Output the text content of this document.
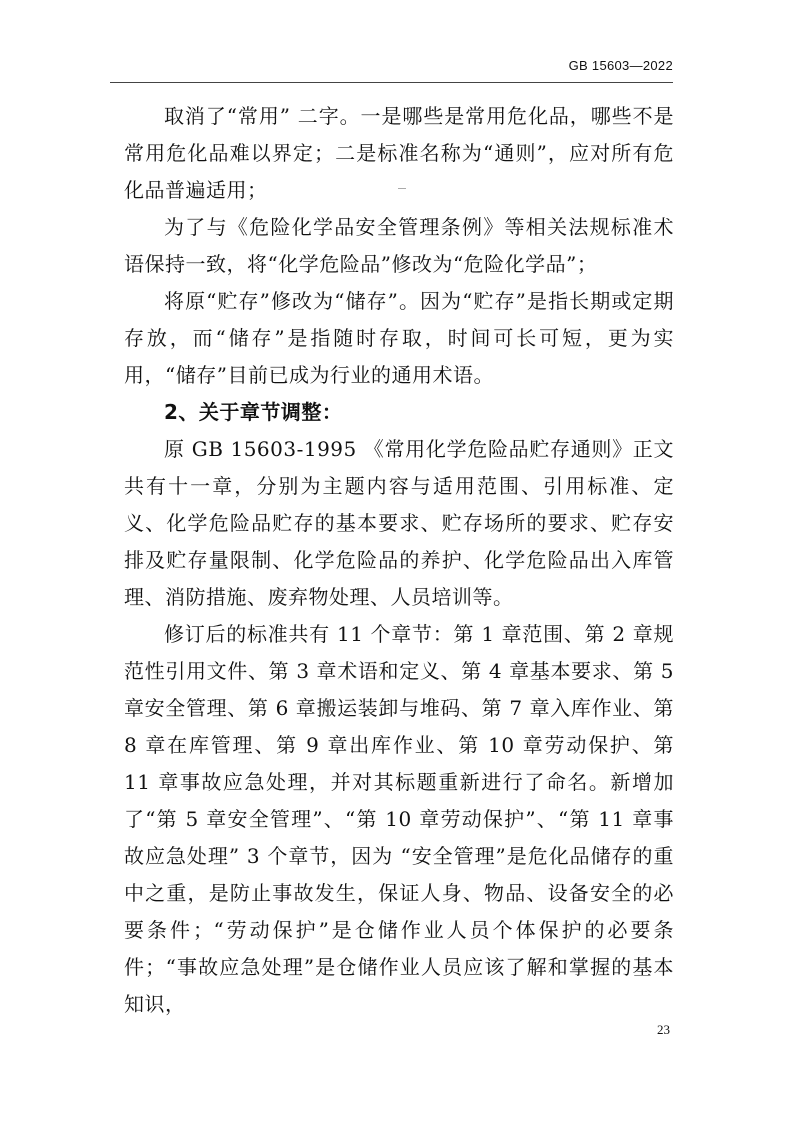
GB 15603—2022

取消了“常用” 二字。一是哪些是常用危化品，哪些不是常用危化品难以界定；二是标准名称为“通则”，应对所有危化品普遍适用；

为了与《危险化学品安全管理条例》等相关法规标准术语保持一致，将“化学危险品”修改为“危险化学品”；

将原“贮存”修改为“储存”。因为“贮存”是指长期或定期存放，而“储存”是指随时存取，时间可长可短，更为实用，“储存”目前已成为行业的通用术语。

2、关于章节调整：

原 GB 15603-1995 《常用化学危险品贮存通则》正文共有十一章，分别为主题内容与适用范围、引用标准、定义、化学危险品贮存的基本要求、贮存场所的要求、贮存安排及贮存量限制、化学危险品的养护、化学危险品出入库管理、消防措施、废弃物处理、人员培训等。

修订后的标准共有 11 个章节：第 1 章范围、第 2 章规范性引用文件、第 3 章术语和定义、第 4 章基本要求、第 5 章安全管理、第 6 章搬运装卸与堆码、第 7 章入库作业、第 8 章在库管理、第 9 章出库作业、第 10 章劳动保护、第 11 章事故应急处理，并对其标题重新进行了命名。新增加了“第 5 章安全管理”、“第 10 章劳动保护”、“第 11 章事故应急处理” 3 个章节，因为 “安全管理”是危化品储存的重中之重，是防止事故发生，保证人身、物品、设备安全的必要条件；“劳动保护”是仓储作业人员个体保护的必要条件；“事故应急处理”是仓储作业人员应该了解和掌握的基本知识，

23
